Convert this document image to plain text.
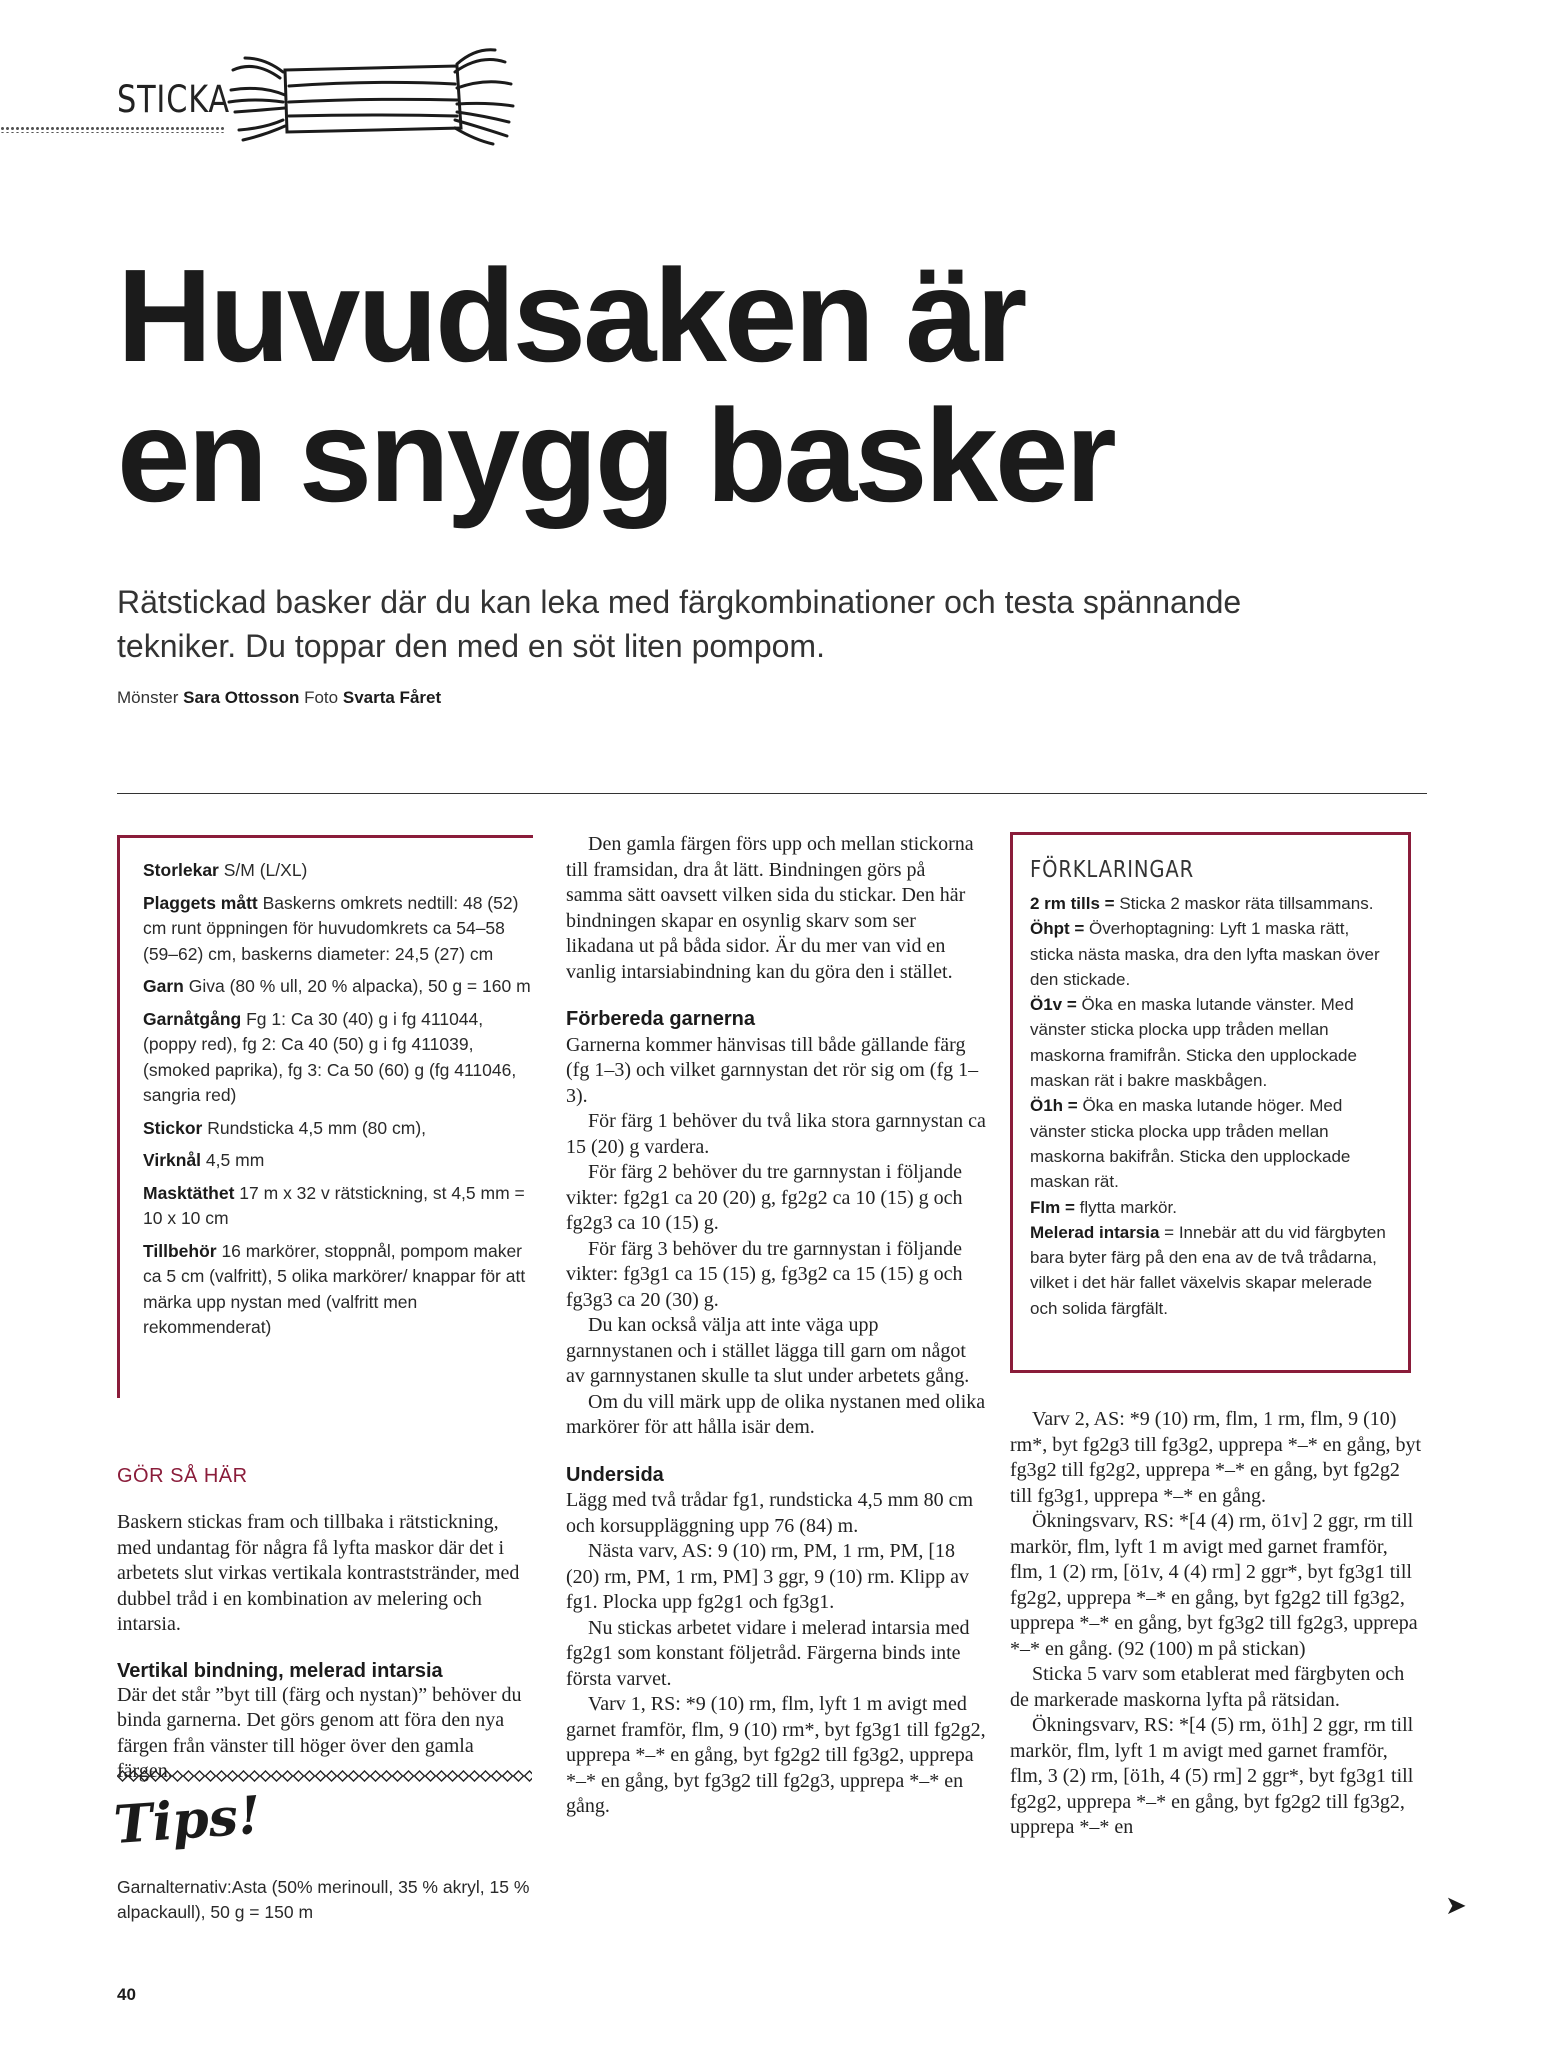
STICKA
Huvudsaken är
en snygg basker

Rätstickad basker där du kan leka med färgkombinationer och testa spännande tekniker. Du toppar den med en söt liten pompom.

Mönster Sara Ottosson Foto Svarta Fåret

Storlekar S/M (L/XL)

Plaggets mått Baskerns omkrets nedtill: 48 (52) cm runt öppningen för huvudomkrets ca 54–58 (59–62) cm, baskerns diameter: 24,5 (27) cm

Garn Giva (80 % ull, 20 % alpacka), 50 g = 160 m

Garnåtgång Fg 1: Ca 30 (40) g i fg 411044, (poppy red), fg 2: Ca 40 (50) g i fg 411039, (smoked paprika), fg 3: Ca 50 (60) g (fg 411046, sangria red)

Stickor Rundsticka 4,5 mm (80 cm),

Virknål 4,5 mm

Masktäthet 17 m x 32 v rätstickning, st 4,5 mm = 10 x 10 cm

Tillbehör 16 markörer, stoppnål, pompom maker ca 5 cm (valfritt), 5 olika markörer/ knappar för att märka upp nystan med (valfritt men rekommenderat)

GÖR SÅ HÄR

Baskern stickas fram och tillbaka i rätstickning, med undantag för några få lyfta maskor där det i arbetets slut virkas vertikala kontraststränder, med dubbel tråd i en kombination av melering och intarsia.

Vertikal bindning, melerad intarsia

Där det står ”byt till (färg och nystan)” behöver du binda garnerna. Det görs genom att föra den nya färgen från vänster till höger över den gamla

Tips!

Garnalternativ:Asta (50% merinoull, 35 % akryl, 15 % alpackaull), 50 g = 150 m

40

Den gamla färgen förs upp och mellan stickorna till framsidan, dra åt lätt. Bindningen görs på samma sätt oavsett vilken sida du stickar. Den här bindningen skapar en osynlig skarv som ser likadana ut på båda sidor. Är du mer van vid en vanlig intarsiabindning kan du göra den i stället.

Förbereda garnerna

Garnerna kommer hänvisas till både gällande färg (fg 1–3) och vilket garnnystan det rör sig om (fg 1–3).

För färg 1 behöver du två lika stora garnnystan ca 15 (20) g vardera.

För färg 2 behöver du tre garnnystan i följande vikter: fg2g1 ca 20 (20) g, fg2g2 ca 10 (15) g och fg2g3 ca 10 (15) g.

För färg 3 behöver du tre garnnystan i följande vikter: fg3g1 ca 15 (15) g, fg3g2 ca 15 (15) g och fg3g3 ca 20 (30) g.

Du kan också välja att inte väga upp garnnystanen och i stället lägga till garn om något av garnnystanen skulle ta slut under arbetets gång.

Om du vill märk upp de olika nystanen med olika markörer för att hålla isär dem.

Undersida

Lägg med två trådar fg1, rundsticka 4,5 mm 80 cm och korsuppläggning upp 76 (84) m.

Nästa varv, AS: 9 (10) rm, PM, 1 rm, PM, [18 (20) rm, PM, 1 rm, PM] 3 ggr, 9 (10) rm. Klipp av fg1. Plocka upp fg2g1 och fg3g1.

Nu stickas arbetet vidare i melerad intarsia med fg2g1 som konstant följetråd. Färgerna binds inte första varvet.

Varv 1, RS: *9 (10) rm, flm, lyft 1 m avigt med garnet framför, flm, 9 (10) rm*, byt fg3g1 till fg2g2, upprepa *–* en gång, byt fg2g2 till fg3g2, upprepa *–* en gång, byt fg3g2 till fg2g3, upprepa *–* en gång.

FÖRKLARINGAR

2 rm tills = Sticka 2 maskor räta tillsammans.

Öhpt = Överhoptagning: Lyft 1 maska rätt, sticka nästa maska, dra den lyfta maskan över den stickade.

Ö1v = Öka en maska lutande vänster. Med vänster sticka plocka upp tråden mellan maskorna framifrån. Sticka den upplockade maskan rät i bakre maskbågen.

Ö1h = Öka en maska lutande höger. Med vänster sticka plocka upp tråden mellan maskorna bakifrån. Sticka den upplockade maskan rät.

Flm = flytta markör.

Melerad intarsia = Innebär att du vid färgbyten bara byter färg på den ena av de två trådarna, vilket i det här fallet växelvis skapar melerade och solida färgfält.

Varv 2, AS: *9 (10) rm, flm, 1 rm, flm, 9 (10) rm*, byt fg2g3 till fg3g2, upprepa *–* en gång, byt fg3g2 till fg2g2, upprepa *–* en gång, byt fg2g2 till fg3g1, upprepa *–* en gång.

Ökningsvarv, RS: *[4 (4) rm, ö1v] 2 ggr, rm till markör, flm, lyft 1 m avigt med garnet framför, flm, 1 (2) rm, [ö1v, 4 (4) rm] 2 ggr*, byt fg3g1 till fg2g2, upprepa *–* en gång, byt fg2g2 till fg3g2, upprepa *–* en gång, byt fg3g2 till fg2g3, upprepa *–* en gång. (92 (100) m på stickan)

Sticka 5 varv som etablerat med färgbyten och de markerade maskorna lyfta på rätsidan.

Ökningsvarv, RS: *[4 (5) rm, ö1h] 2 ggr, rm till markör, flm, lyft 1 m avigt med garnet framför, flm, 3 (2) rm, [ö1h, 4 (5) rm] 2 ggr*, byt fg3g1 till fg2g2, upprepa *–* en gång, byt fg2g2 till fg3g2, upprepa *–* en

➤
